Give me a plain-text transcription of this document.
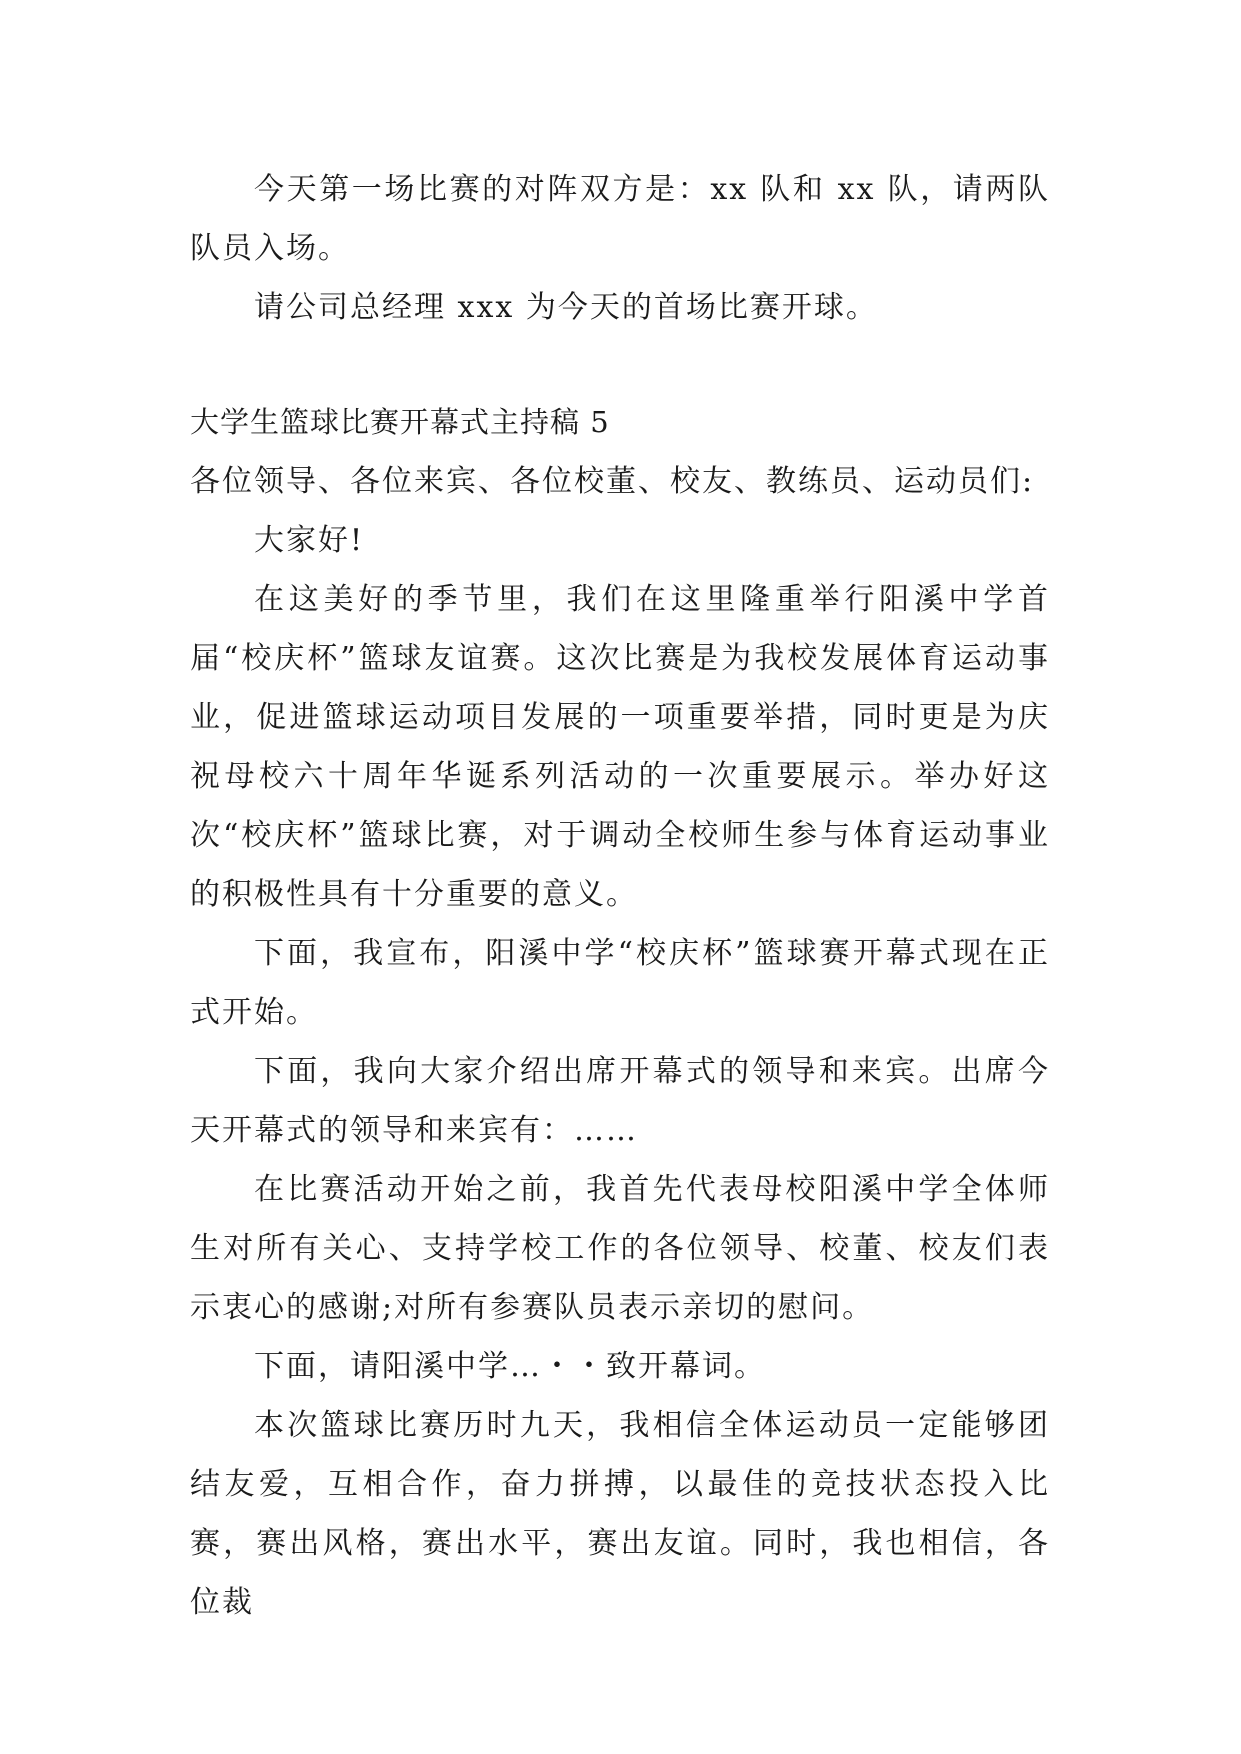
今天第一场比赛的对阵双方是：xx 队和 xx 队，请两队队员入场。

请公司总经理 xxx 为今天的首场比赛开球。

大学生篮球比赛开幕式主持稿 5

各位领导、各位来宾、各位校董、校友、教练员、运动员们:

大家好!

在这美好的季节里，我们在这里隆重举行阳溪中学首届“校庆杯”篮球友谊赛。这次比赛是为我校发展体育运动事业，促进篮球运动项目发展的一项重要举措，同时更是为庆祝母校六十周年华诞系列活动的一次重要展示。举办好这次“校庆杯”篮球比赛，对于调动全校师生参与体育运动事业的积极性具有十分重要的意义。

下面，我宣布，阳溪中学“校庆杯”篮球赛开幕式现在正式开始。

下面，我向大家介绍出席开幕式的领导和来宾。出席今天开幕式的领导和来宾有：……

在比赛活动开始之前，我首先代表母校阳溪中学全体师生对所有关心、支持学校工作的各位领导、校董、校友们表示衷心的感谢;对所有参赛队员表示亲切的慰问。

下面，请阳溪中学…・・致开幕词。

本次篮球比赛历时九天，我相信全体运动员一定能够团结友爱，互相合作，奋力拼搏，以最佳的竞技状态投入比赛，赛出风格，赛出水平，赛出友谊。同时，我也相信，各位裁
